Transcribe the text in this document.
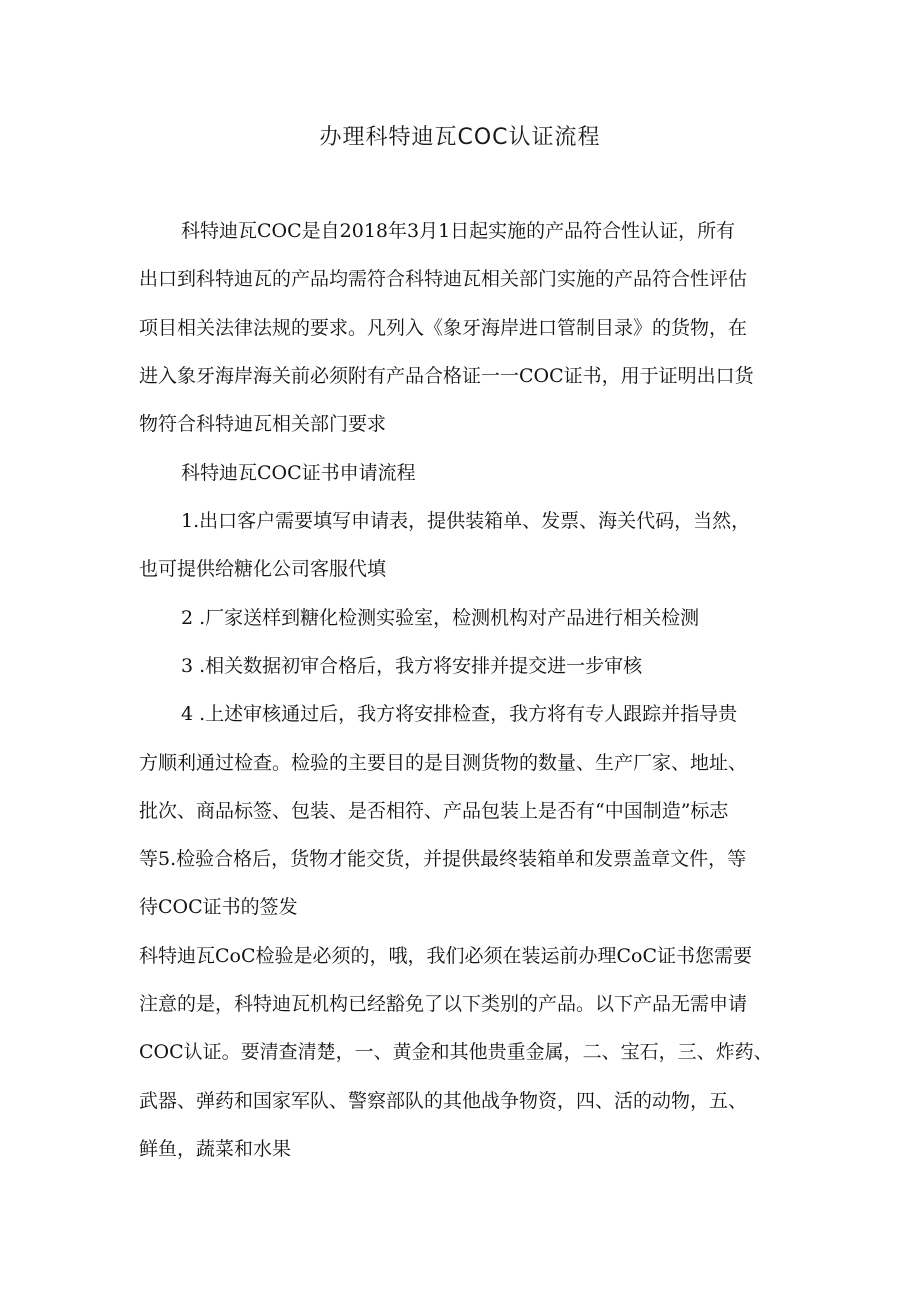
办理科特迪瓦COC认证流程
科特迪瓦COC是自2018年3月1日起实施的产品符合性认证，所有
出口到科特迪瓦的产品均需符合科特迪瓦相关部门实施的产品符合性评估
项目相关法律法规的要求。凡列入《象牙海岸进口管制目录》的货物，在
进入象牙海岸海关前必须附有产品合格证一一COC证书，用于证明出口货
物符合科特迪瓦相关部门要求
科特迪瓦COC证书申请流程
1.出口客户需要填写申请表，提供装箱单、发票、海关代码，当然，
也可提供给糖化公司客服代填
2 .厂家送样到糖化检测实验室，检测机构对产品进行相关检测
3 .相关数据初审合格后，我方将安排并提交进一步审核
4 .上述审核通过后，我方将安排检查，我方将有专人跟踪并指导贵
方顺利通过检查。检验的主要目的是目测货物的数量、生产厂家、地址、
批次、商品标签、包装、是否相符、产品包装上是否有“中国制造”标志
等5.检验合格后，货物才能交货，并提供最终装箱单和发票盖章文件，等
待COC证书的签发
科特迪瓦CoC检验是必须的，哦，我们必须在装运前办理CoC证书您需要
注意的是，科特迪瓦机构已经豁免了以下类别的产品。以下产品无需申请
COC认证。要清查清楚，一、黄金和其他贵重金属，二、宝石，三、炸药、
武器、弹药和国家军队、警察部队的其他战争物资，四、活的动物，五、
鲜鱼，蔬菜和水果
